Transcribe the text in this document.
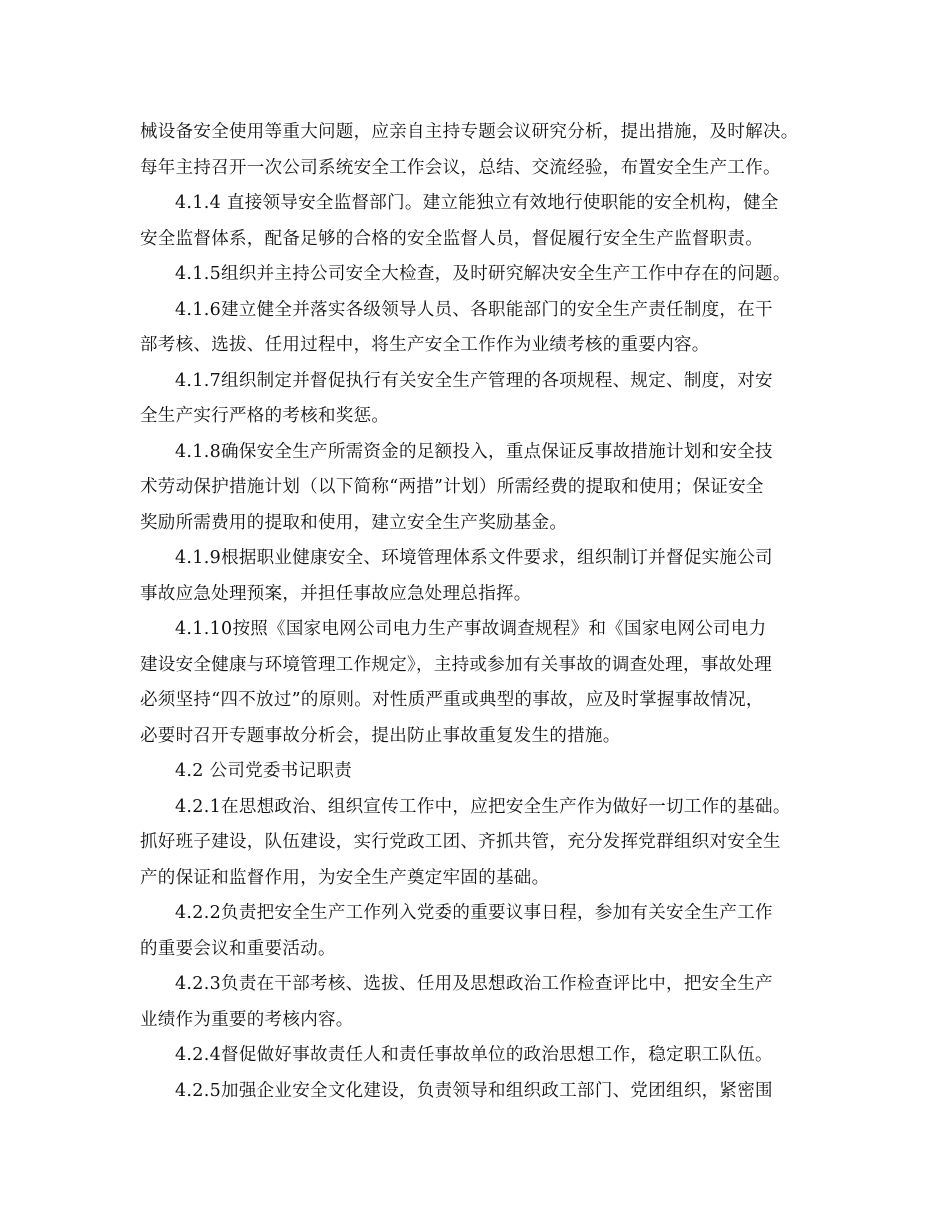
械设备安全使用等重大问题，应亲自主持专题会议研究分析，提出措施，及时解决。
每年主持召开一次公司系统安全工作会议，总结、交流经验，布置安全生产工作。
4.1.4 直接领导安全监督部门。建立能独立有效地行使职能的安全机构，健全
安全监督体系，配备足够的合格的安全监督人员，督促履行安全生产监督职责。
4.1.5组织并主持公司安全大检查，及时研究解决安全生产工作中存在的问题。
4.1.6建立健全并落实各级领导人员、各职能部门的安全生产责任制度，在干
部考核、选拔、任用过程中，将生产安全工作作为业绩考核的重要内容。
4.1.7组织制定并督促执行有关安全生产管理的各项规程、规定、制度，对安
全生产实行严格的考核和奖惩。
4.1.8确保安全生产所需资金的足额投入，重点保证反事故措施计划和安全技
术劳动保护措施计划（以下简称“两措”计划）所需经费的提取和使用；保证安全
奖励所需费用的提取和使用，建立安全生产奖励基金。
4.1.9根据职业健康安全、环境管理体系文件要求，组织制订并督促实施公司
事故应急处理预案，并担任事故应急处理总指挥。
4.1.10按照《国家电网公司电力生产事故调查规程》和《国家电网公司电力
建设安全健康与环境管理工作规定》，主持或参加有关事故的调查处理，事故处理
必须坚持“四不放过”的原则。对性质严重或典型的事故，应及时掌握事故情况，
必要时召开专题事故分析会，提出防止事故重复发生的措施。
4.2 公司党委书记职责
4.2.1在思想政治、组织宣传工作中，应把安全生产作为做好一切工作的基础。
抓好班子建设，队伍建设，实行党政工团、齐抓共管，充分发挥党群组织对安全生
产的保证和监督作用，为安全生产奠定牢固的基础。
4.2.2负责把安全生产工作列入党委的重要议事日程，参加有关安全生产工作
的重要会议和重要活动。
4.2.3负责在干部考核、选拔、任用及思想政治工作检查评比中，把安全生产
业绩作为重要的考核内容。
4.2.4督促做好事故责任人和责任事故单位的政治思想工作，稳定职工队伍。
4.2.5加强企业安全文化建设，负责领导和组织政工部门、党团组织，紧密围
